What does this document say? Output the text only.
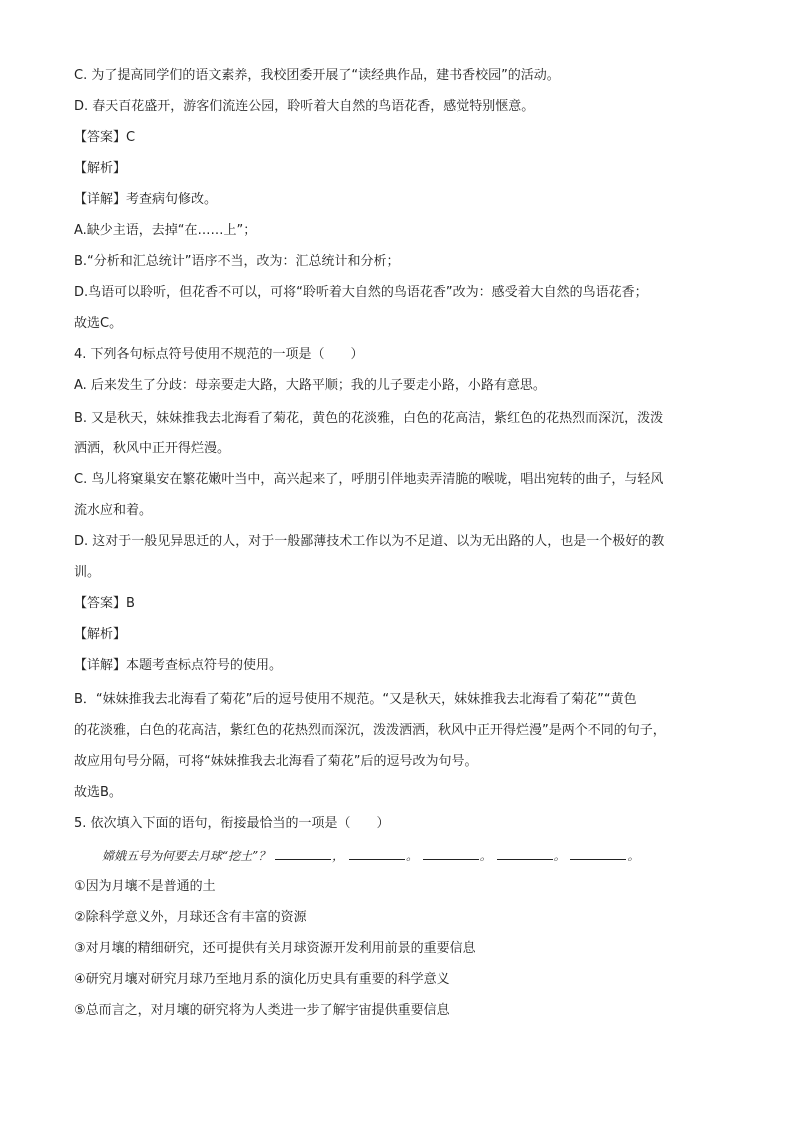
C. 为了提高同学们的语文素养，我校团委开展了“读经典作品，建书香校园”的活动。
D. 春天百花盛开，游客们流连公园，聆听着大自然的鸟语花香，感觉特别惬意。
【答案】C
【解析】
【详解】考查病句修改。
A.缺少主语，去掉“在……上”；
B.“分析和汇总统计”语序不当，改为：汇总统计和分析；
D.鸟语可以聆听，但花香不可以，可将“聆听着大自然的鸟语花香”改为：感受着大自然的鸟语花香；
故选C。
4. 下列各句标点符号使用不规范的一项是（　　）
A. 后来发生了分歧：母亲要走大路，大路平顺；我的儿子要走小路，小路有意思。
B. 又是秋天，妹妹推我去北海看了菊花，黄色的花淡雅，白色的花高洁，紫红色的花热烈而深沉，泼泼
洒洒，秋风中正开得烂漫。
C. 鸟儿将窠巢安在繁花嫩叶当中，高兴起来了，呼朋引伴地卖弄清脆的喉咙，唱出宛转的曲子，与轻风
流水应和着。
D. 这对于一般见异思迁的人，对于一般鄙薄技术工作以为不足道、以为无出路的人，也是一个极好的教
训。
【答案】B
【解析】
【详解】本题考查标点符号的使用。
B．“妹妹推我去北海看了菊花”后的逗号使用不规范。“又是秋天，妹妹推我去北海看了菊花”“黄色
的花淡雅，白色的花高洁，紫红色的花热烈而深沉，泼泼洒洒，秋风中正开得烂漫”是两个不同的句子，
故应用句号分隔，可将“妹妹推我去北海看了菊花”后的逗号改为句号。
故选B。
5. 依次填入下面的语句，衔接最恰当的一项是（　　）
嫦娥五号为何要去月球“挖土”？	，	。	。	。	。
①因为月壤不是普通的土
②除科学意义外，月球还含有丰富的资源
③对月壤的精细研究，还可提供有关月球资源开发利用前景的重要信息
④研究月壤对研究月球乃至地月系的演化历史具有重要的科学意义
⑤总而言之，对月壤的研究将为人类进一步了解宇宙提供重要信息
